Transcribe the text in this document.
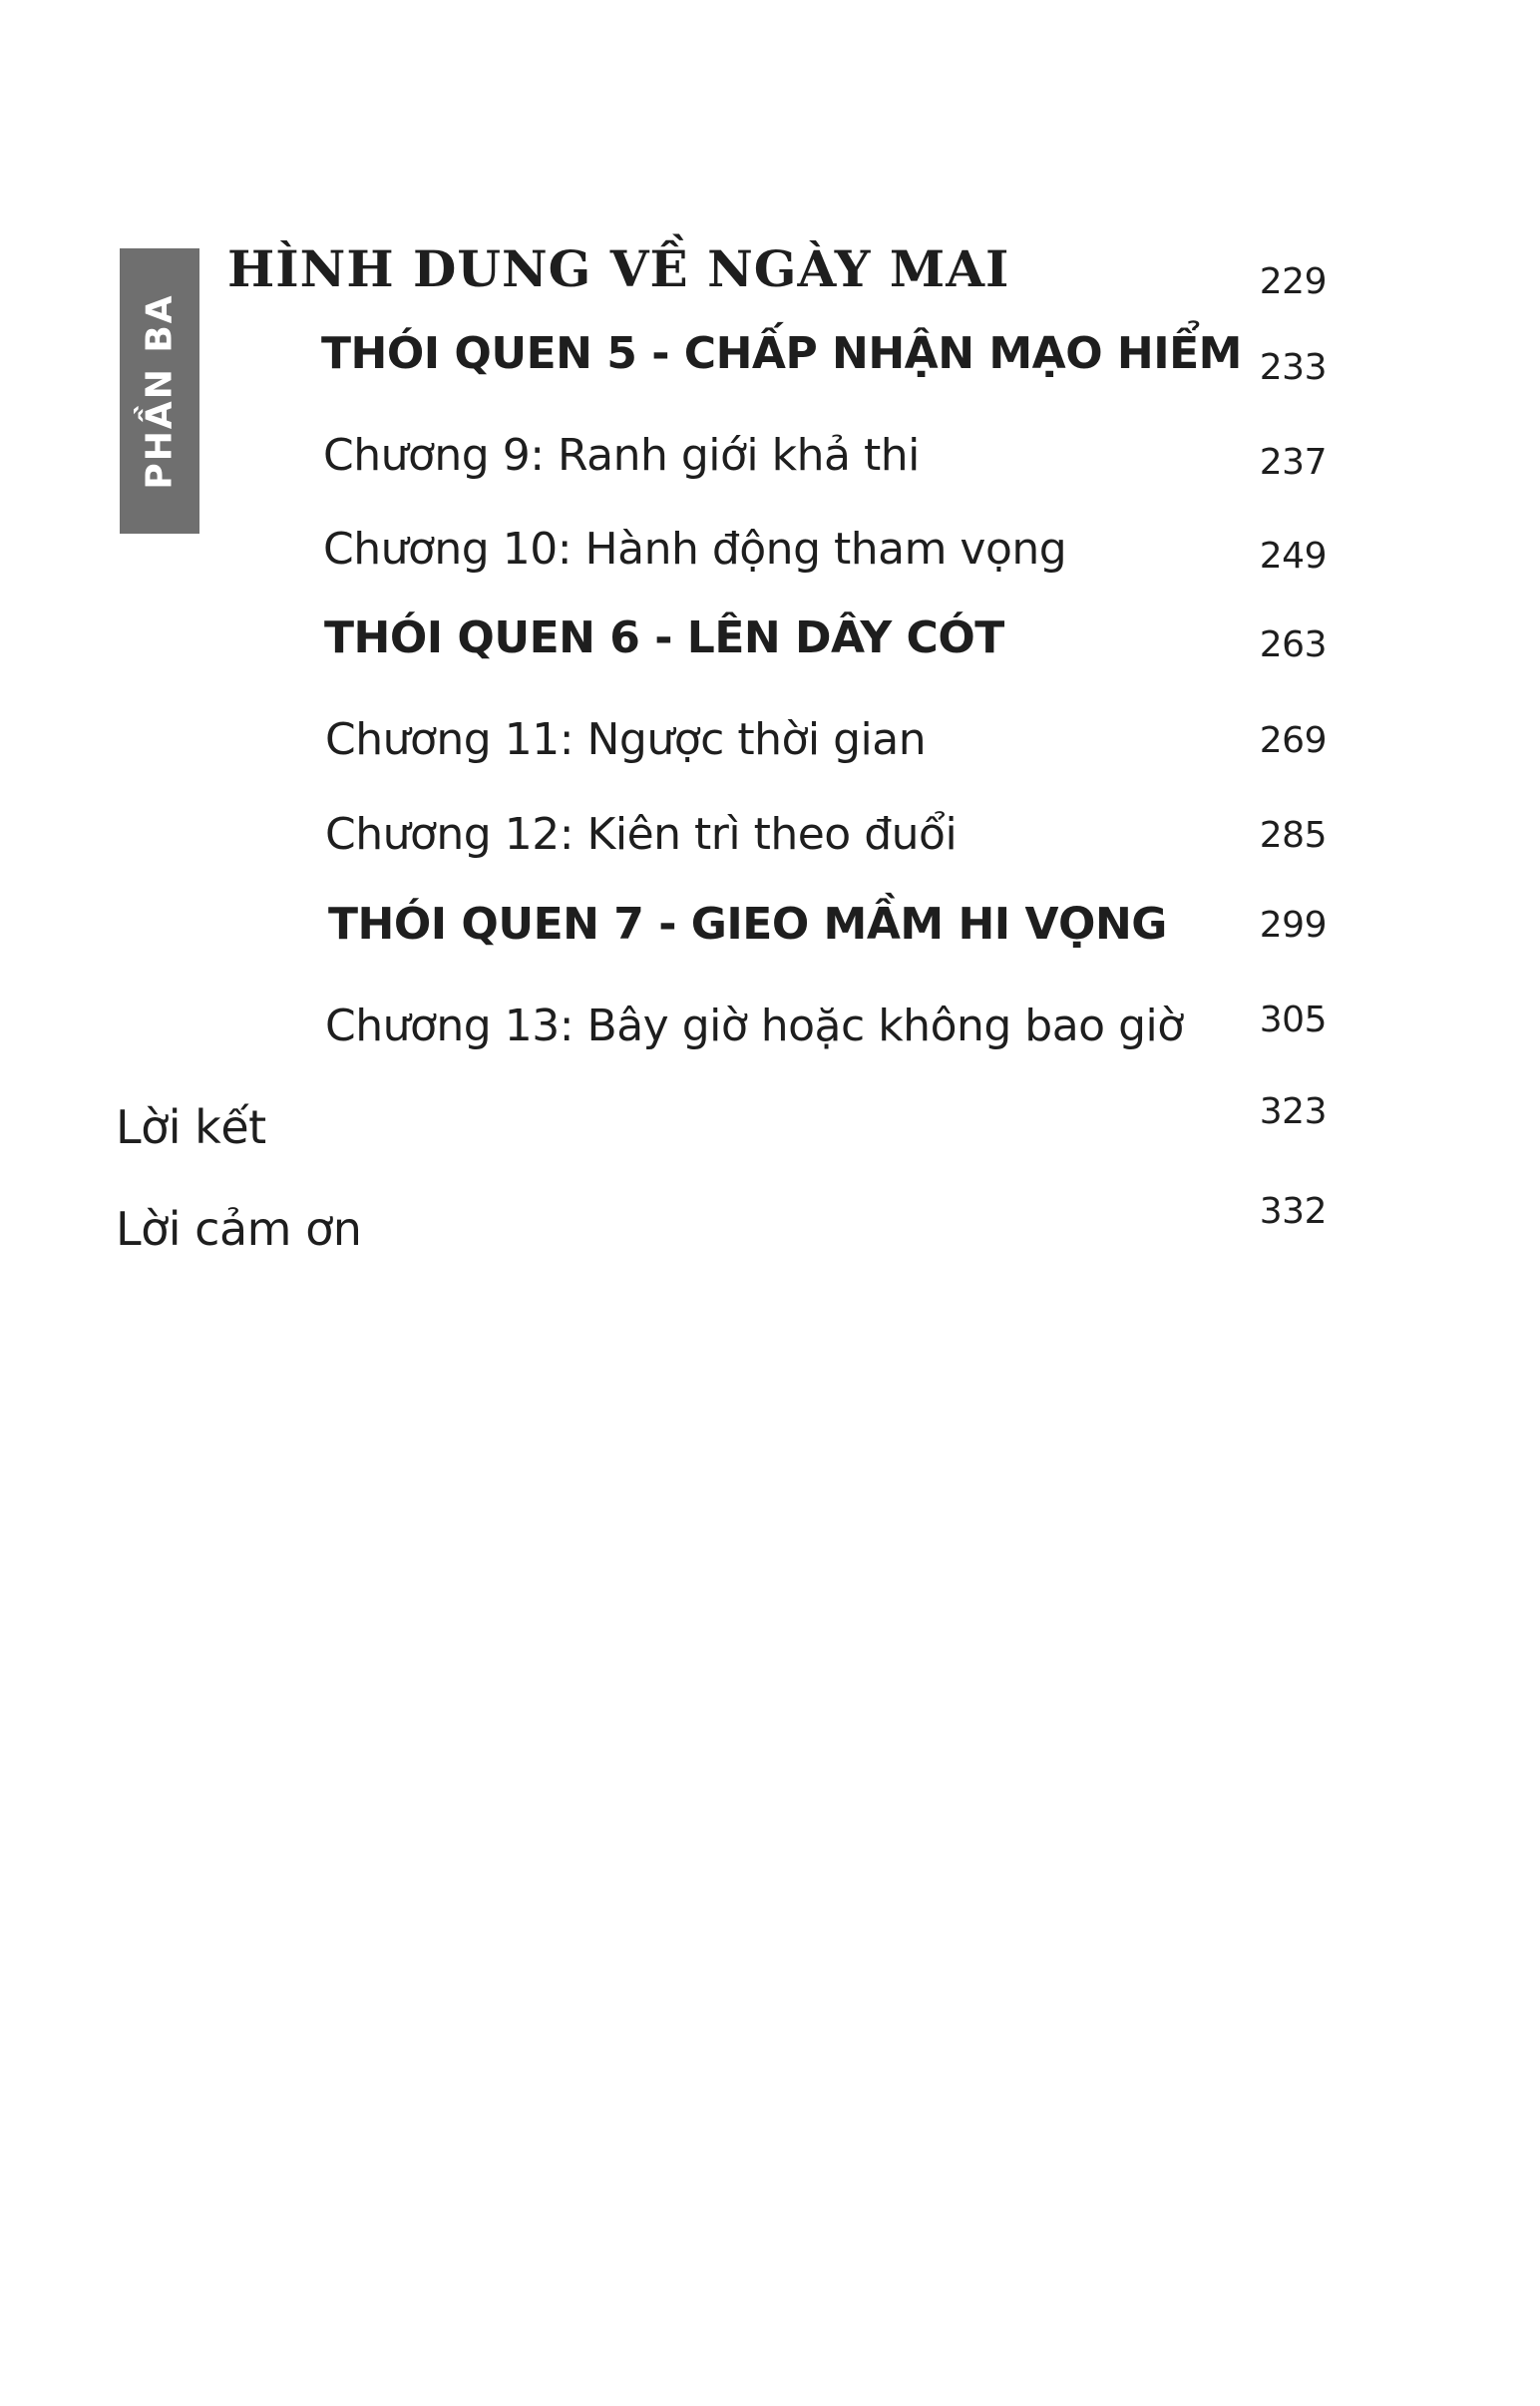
PHẦN BA
HÌNH DUNG VỀ NGÀY MAI	229
THÓI QUEN 5 - CHẤP NHẬN MẠO HIỂM 233
Chương 9: Ranh giới khả thi	237
Chương 10: Hành động tham vọng	249
THÓI QUEN 6 - LÊN DÂY CÓT	263
Chương 11: Ngược thời gian	269
Chương 12: Kiên trì theo đuổi	285
THÓI QUEN 7 - GIEO MẦM HI VỌNG	299
Chương 13: Bây giờ hoặc không bao giờ	305
Lời kết	323
Lời cảm ơn	332
